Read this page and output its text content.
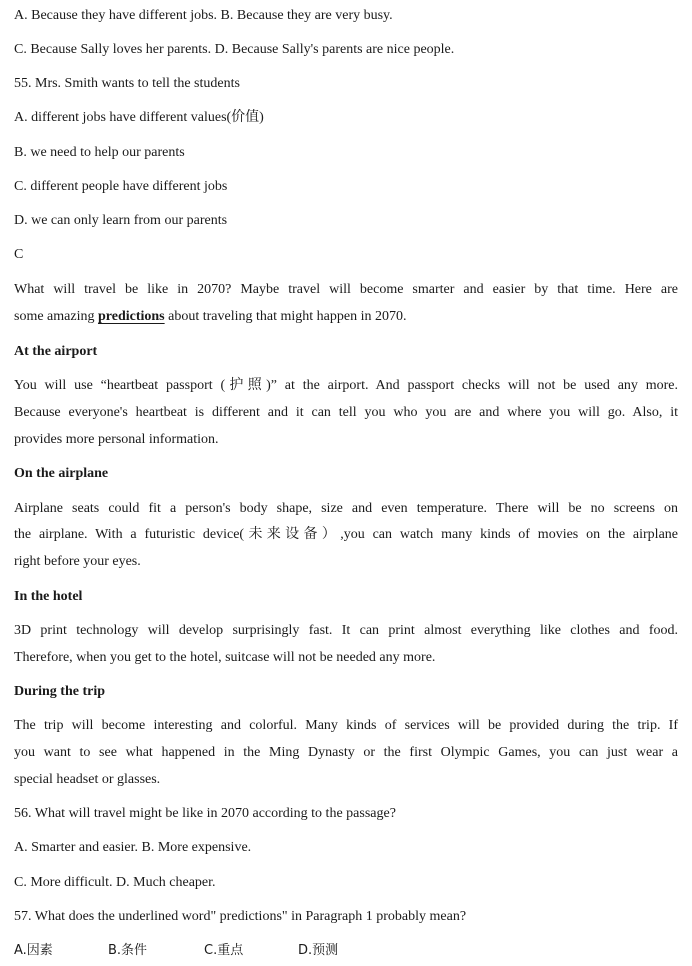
A. Because they have different jobs. B. Because they are very busy.
C. Because Sally loves her parents. D. Because Sally's parents are nice people.
55. Mrs. Smith wants to tell the students
A. different jobs have different values(价值)
B. we need to help our parents
C. different people have different jobs
D. we can only learn from our parents
C
What will travel be like in 2070? Maybe travel will become smarter and easier by that time. Here are
some amazing predictions about traveling that might happen in 2070.
At the airport
You will use “heartbeat passport (护照)” at the airport. And passport checks will not be used any more.
Because everyone's heartbeat is different and it can tell you who you are and where you will go. Also, it
provides more personal information.
On the airplane
Airplane seats could fit a person's body shape, size and even temperature. There will be no screens on
the airplane. With a futuristic device(未来设备）,you can watch many kinds of movies on the airplane
right before your eyes.
In the hotel
3D print technology will develop surprisingly fast. It can print almost everything like clothes and food.
Therefore, when you get to the hotel, suitcase will not be needed any more.
During the trip
The trip will become interesting and colorful. Many kinds of services will be provided during the trip. If
you want to see what happened in the Ming Dynasty or the first Olympic Games, you can just wear a
special headset or glasses.
56. What will travel might be like in 2070 according to the passage?
A. Smarter and easier. B. More expensive.
C. More difficult. D. Much cheaper.
57. What does the underlined word" predictions" in Paragraph 1 probably mean?
A.因素	B.条件	C.重点	D.预测
